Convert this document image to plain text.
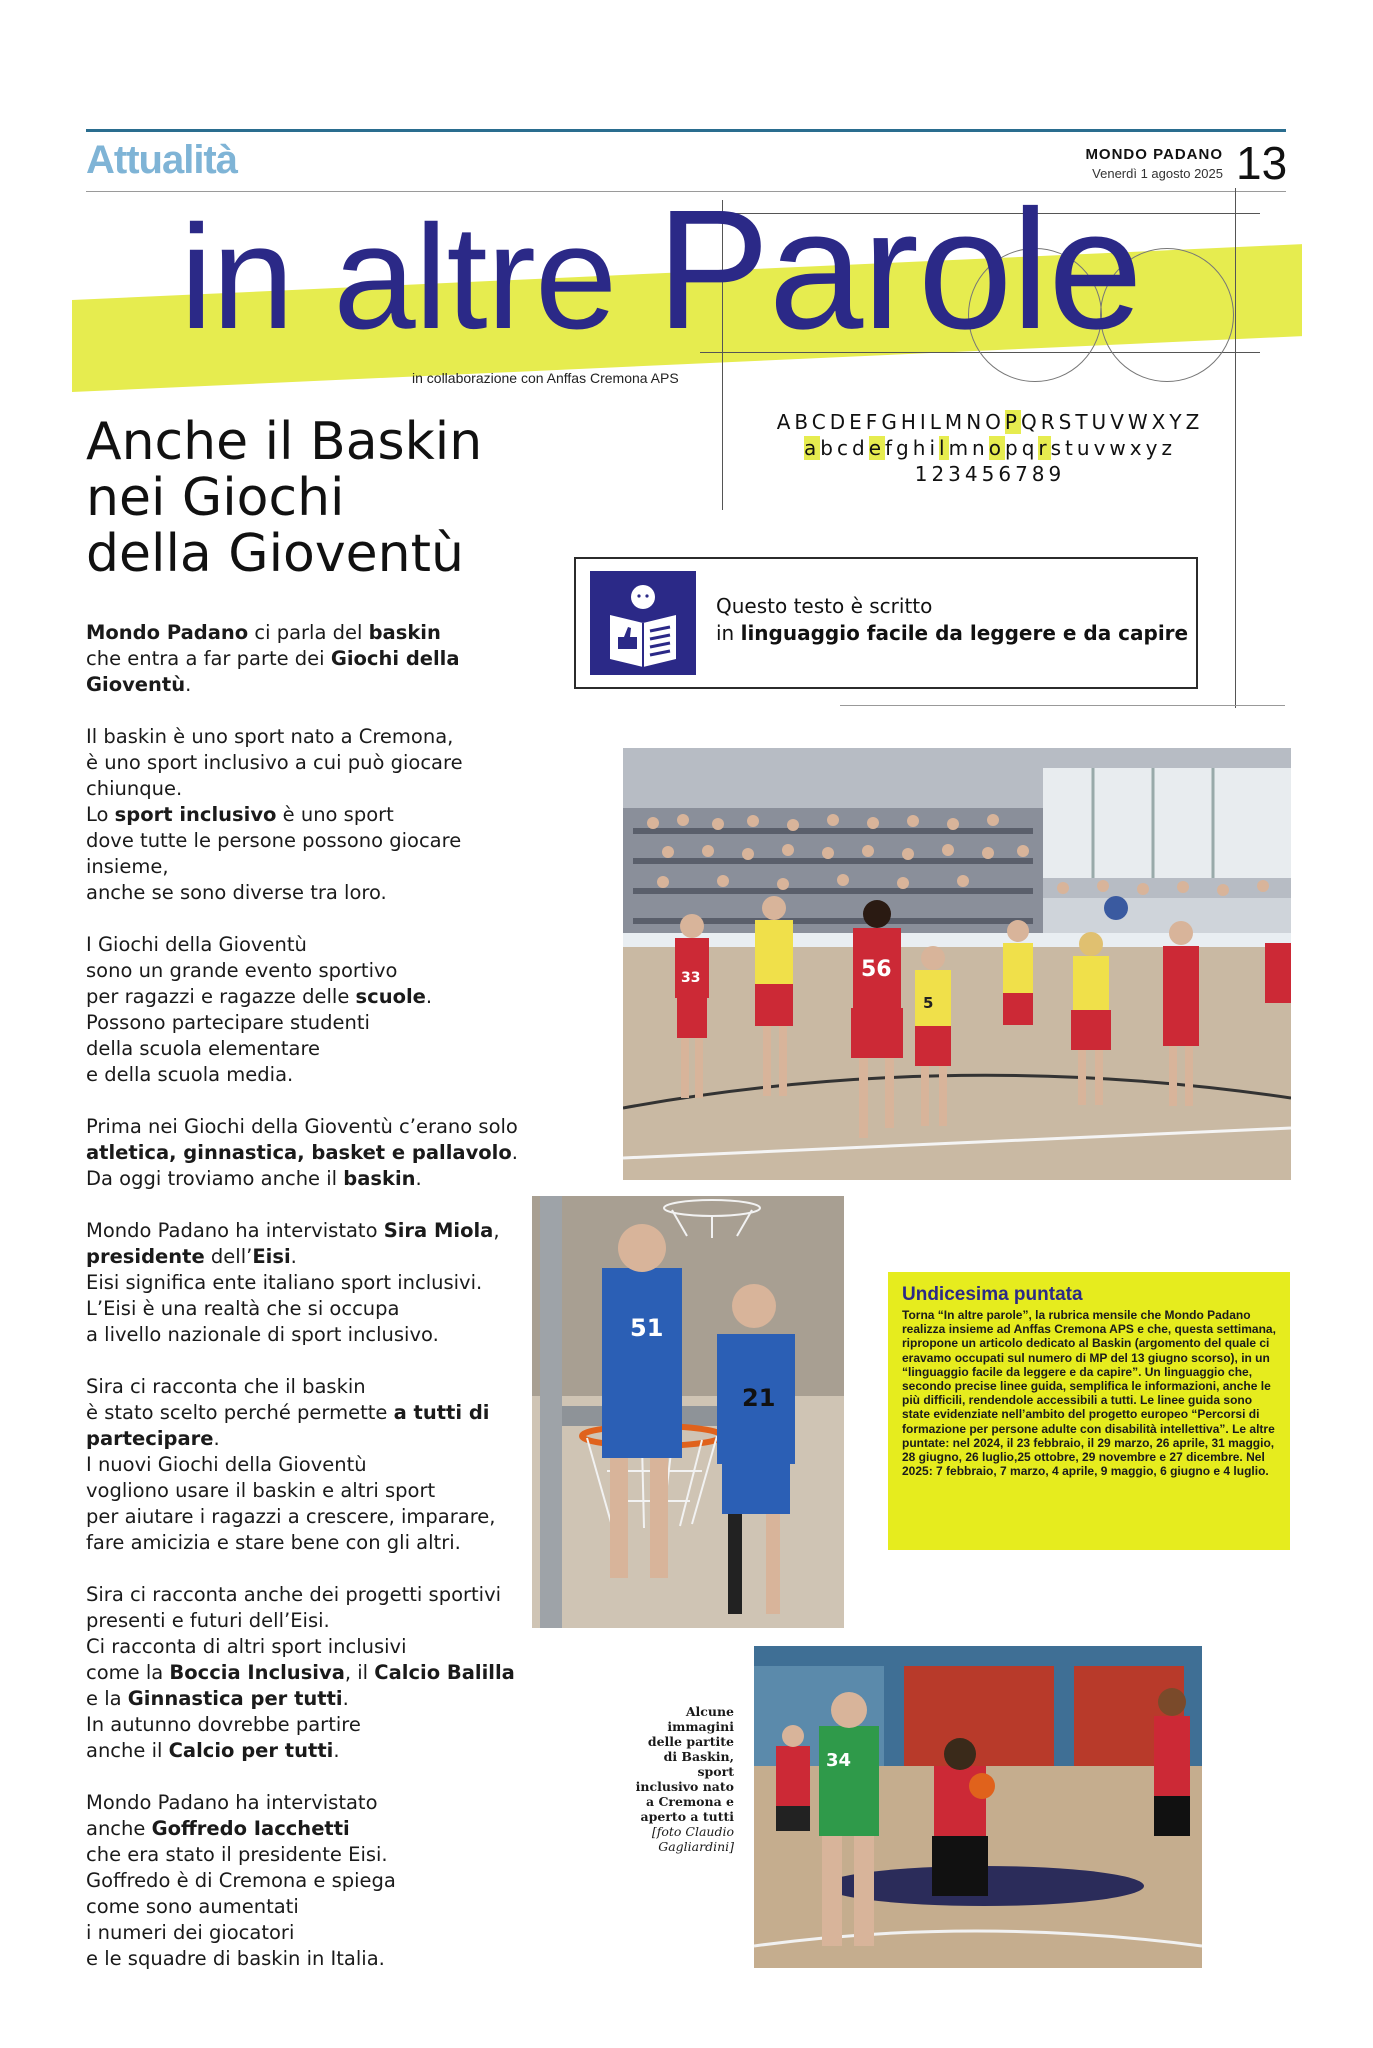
Attualità	MONDO PADANO
Venerdì 1 agosto 2025 13
in altre Parole
in collaborazione con Anffas Cremona APS
ABCDEFGHILMNOPQRSTUVWXYZ
abcdefghilmnopqrstuvwxyz
123456789
Anche il Baskin
nei Giochi
della Gioventù
Questo testo è scritto
in linguaggio facile da leggere e da capire

Mondo Padano ci parla del baskin
che entra a far parte dei Giochi della
Gioventù.

Il baskin è uno sport nato a Cremona,
è uno sport inclusivo a cui può giocare
chiunque.
Lo sport inclusivo è uno sport
dove tutte le persone possono giocare
insieme,
anche se sono diverse tra loro.

I Giochi della Gioventù
sono un grande evento sportivo
per ragazzi e ragazze delle scuole.
Possono partecipare studenti
della scuola elementare
e della scuola media.

Prima nei Giochi della Gioventù c’erano solo
atletica, ginnastica, basket e pallavolo.
Da oggi troviamo anche il baskin.

Mondo Padano ha intervistato Sira Miola,
presidente dell’Eisi.
Eisi significa ente italiano sport inclusivi.
L’Eisi è una realtà che si occupa
a livello nazionale di sport inclusivo.

Sira ci racconta che il baskin
è stato scelto perché permette a tutti di
partecipare.
I nuovi Giochi della Gioventù
vogliono usare il baskin e altri sport
per aiutare i ragazzi a crescere, imparare,
fare amicizia e stare bene con gli altri.

Sira ci racconta anche dei progetti sportivi
presenti e futuri dell’Eisi.
Ci racconta di altri sport inclusivi
come la Boccia Inclusiva, il Calcio Balilla
e la Ginnastica per tutti.
In autunno dovrebbe partire
anche il Calcio per tutti.

Mondo Padano ha intervistato
anche Goffredo Iacchetti
che era stato il presidente Eisi.
Goffredo è di Cremona e spiega
come sono aumentati
i numeri dei giocatori
e le squadre di baskin in Italia.

33	56
5
51
21
Undicesima puntata
Torna “In altre parole”, la rubrica mensile che Mondo Padano realizza insieme ad Anffas Cremona APS e che, questa settimana, ripropone un articolo dedicato al Baskin (argomento del quale ci eravamo occupati sul numero di MP del 13 giugno scorso), in un “linguaggio facile da leggere e da capire”. Un linguaggio che, secondo precise linee guida, semplifica le informazioni, anche le più difficili, rendendole accessibili a tutti. Le linee guida sono state evidenziate nell’ambito del progetto europeo “Percorsi di formazione per persone adulte con disabilità intellettiva”. Le altre puntate: nel 2024, il 23 febbraio, il 29 marzo, 26 aprile, 31 maggio, 28 giugno, 26 luglio,25 ottobre, 29 novembre e 27 dicembre. Nel 2025: 7 febbraio, 7 marzo, 4 aprile, 9 maggio, 6 giugno e 4 luglio.
Alcune immagini delle partite di Baskin, sport inclusivo nato a Cremona e aperto a tutti [foto Claudio Gagliardini]
34
